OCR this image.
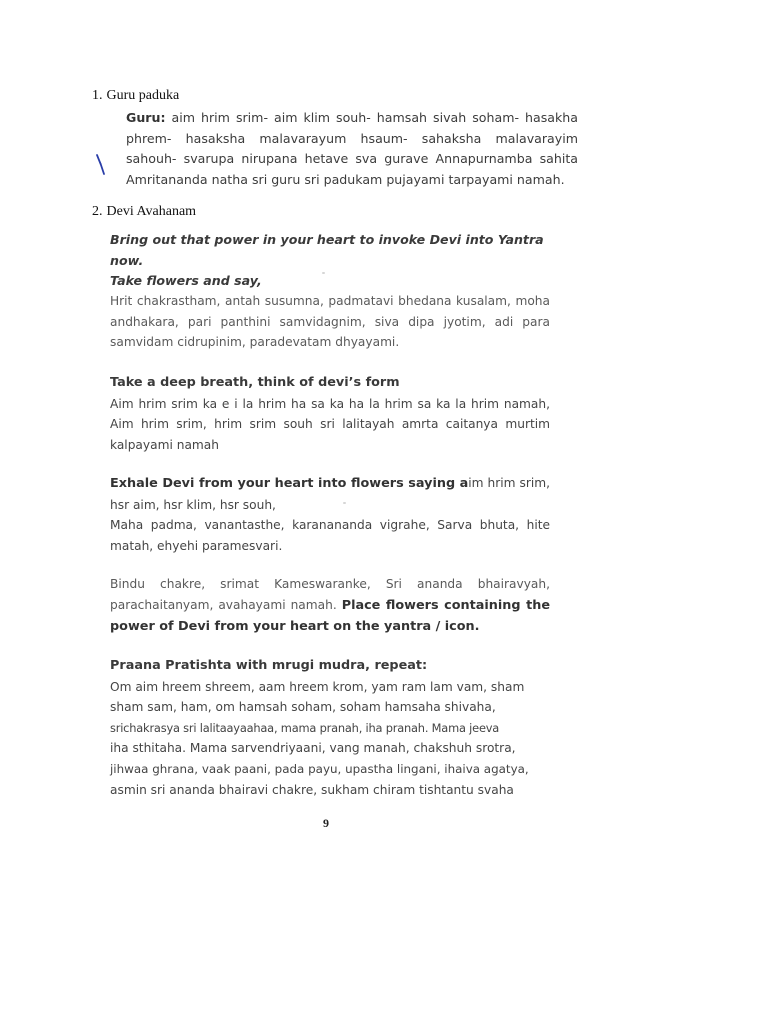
1. Guru paduka

Guru: aim hrim srim- aim klim souh- hamsah sivah soham- hasakha phrem- hasaksha malavarayum hsaum- sahaksha malavarayim sahouh- svarupa nirupana hetave sva gurave Annapurnamba sahita Amritananda natha sri guru sri padukam pujayami tarpayami namah.

2. Devi Avahanam

Bring out that power in your heart to invoke Devi into Yantra now.

Take flowers and say,

Hrit chakrastham, antah susumna, padmatavi bhedana kusalam, moha andhakara, pari panthini samvidagnim, siva dipa jyotim, adi para samvidam cidrupinim, paradevatam dhyayami.

Take a deep breath, think of devi’s form

Aim hrim srim ka e i la hrim ha sa ka ha la hrim sa ka la hrim namah, Aim hrim srim, hrim srim souh sri lalitayah amrta caitanya murtim kalpayami namah

Exhale Devi from your heart into flowers saying aim hrim srim, hsr aim, hsr klim, hsr souh,

Maha padma, vanantasthe, karanananda vigrahe, Sarva bhuta, hite matah, ehyehi paramesvari.

Bindu chakre, srimat Kameswaranke, Sri ananda bhairavyah, parachaitanyam, avahayami namah. Place flowers containing the power of Devi from your heart on the yantra / icon.

Praana Pratishta with mrugi mudra, repeat:

Om aim hreem shreem, aam hreem krom, yam ram lam vam, sham

sham sam, ham, om hamsah soham, soham hamsaha shivaha,

srichakrasya sri lalitaayaahaa, mama pranah, iha pranah. Mama jeeva

iha sthitaha. Mama sarvendriyaani, vang manah, chakshuh srotra,

jihwaa ghrana, vaak paani, pada payu, upastha lingani, ihaiva agatya,

asmin sri ananda bhairavi chakre, sukham chiram tishtantu svaha

9
